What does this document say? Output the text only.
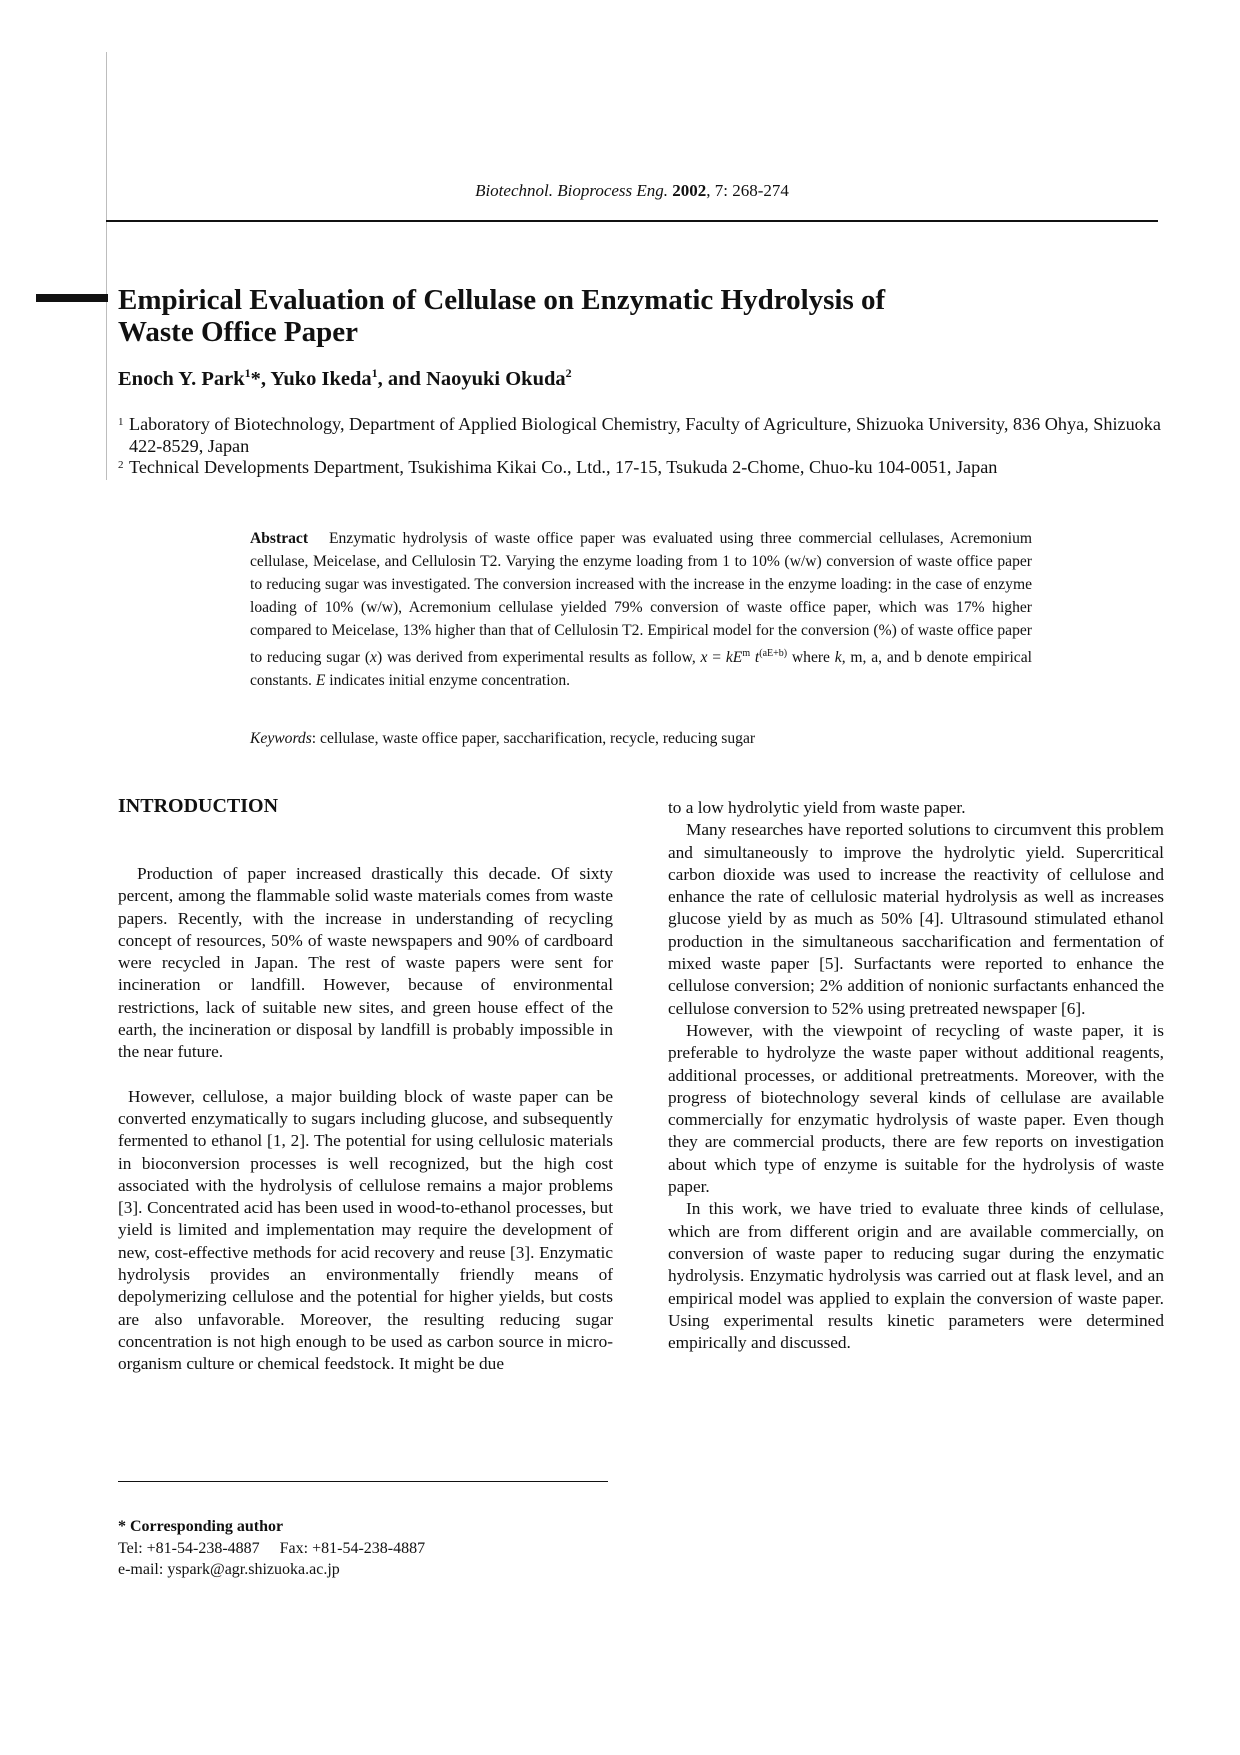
Biotechnol. Bioprocess Eng. 2002, 7: 268-274
Empirical Evaluation of Cellulase on Enzymatic Hydrolysis of
Waste Office Paper
Enoch Y. Park$^1$*, Yuko Ikeda$^1$, and Naoyuki Okuda$^2$

1 Laboratory of Biotechnology, Department of Applied Biological Chemistry, Faculty of Agriculture, Shizuoka University, 836 Ohya, Shizuoka 422-8529, Japan

2 Technical Developments Department, Tsukishima Kikai Co., Ltd., 17-15, Tsukuda 2-Chome, Chuo-ku 104-0051, Japan

Abstract Enzymatic hydrolysis of waste office paper was evaluated using three commercial cellulases, Acremonium cellulase, Meicelase, and Cellulosin T2. Varying the enzyme loading from 1 to 10% (w/w) conversion of waste office paper to reducing sugar was investigated. The conversion increased with the increase in the enzyme loading: in the case of enzyme loading of 10% (w/w), Acremonium cellulase yielded 79% conversion of waste office paper, which was 17% higher compared to Meicelase, 13% higher than that of Cellulosin T2. Empirical model for the conversion (%) of waste office paper to reducing sugar (x) was derived from experimental results as follow, $x = kE^m$ $t^{(aE+b)}$ where k, m, a, and b denote empirical constants. E indicates initial enzyme concentration.
Keywords: cellulase, waste office paper, saccharification, recycle, reducing sugar
INTRODUCTION

Production of paper increased drastically this decade. Of sixty percent, among the flammable solid waste materials comes from waste papers. Recently, with the increase in understanding of recycling concept of resources, 50% of waste newspapers and 90% of cardboard were recycled in Japan. The rest of waste papers were sent for incineration or landfill. However, because of environmental restrictions, lack of suitable new sites, and green house effect of the earth, the incineration or disposal by landfill is probably impossible in the near future.

However, cellulose, a major building block of waste paper can be converted enzymatically to sugars including glucose, and subsequently fermented to ethanol [1, 2]. The potential for using cellulosic materials in bioconversion processes is well recognized, but the high cost associated with the hydrolysis of cellulose remains a major problems [3]. Concentrated acid has been used in wood-to-ethanol processes, but yield is limited and implementation may require the development of new, cost-effective methods for acid recovery and reuse [3]. Enzymatic hydrolysis provides an environmentally friendly means of depolymerizing cellulose and the potential for higher yields, but costs are also unfavorable. Moreover, the resulting reducing sugar concentration is not high enough to be used as carbon source in micro-organism culture or chemical feedstock. It might be due

to a low hydrolytic yield from waste paper.

Many researches have reported solutions to circumvent this problem and simultaneously to improve the hydrolytic yield. Supercritical carbon dioxide was used to increase the reactivity of cellulose and enhance the rate of cellulosic material hydrolysis as well as increases glucose yield by as much as 50% [4]. Ultrasound stimulated ethanol production in the simultaneous saccharification and fermentation of mixed waste paper [5]. Surfactants were reported to enhance the cellulose conversion; 2% addition of nonionic surfactants enhanced the cellulose conversion to 52% using pretreated newspaper [6].

However, with the viewpoint of recycling of waste paper, it is preferable to hydrolyze the waste paper without additional reagents, additional processes, or additional pretreatments. Moreover, with the progress of biotechnology several kinds of cellulase are available commercially for enzymatic hydrolysis of waste paper. Even though they are commercial products, there are few reports on investigation about which type of enzyme is suitable for the hydrolysis of waste paper.

In this work, we have tried to evaluate three kinds of cellulase, which are from different origin and are available commercially, on conversion of waste paper to reducing sugar during the enzymatic hydrolysis. Enzymatic hydrolysis was carried out at flask level, and an empirical model was applied to explain the conversion of waste paper. Using experimental results kinetic parameters were determined empirically and discussed.

* Corresponding author
Tel: +81-54-238-4887 Fax: +81-54-238-4887
e-mail: yspark@agr.shizuoka.ac.jp
